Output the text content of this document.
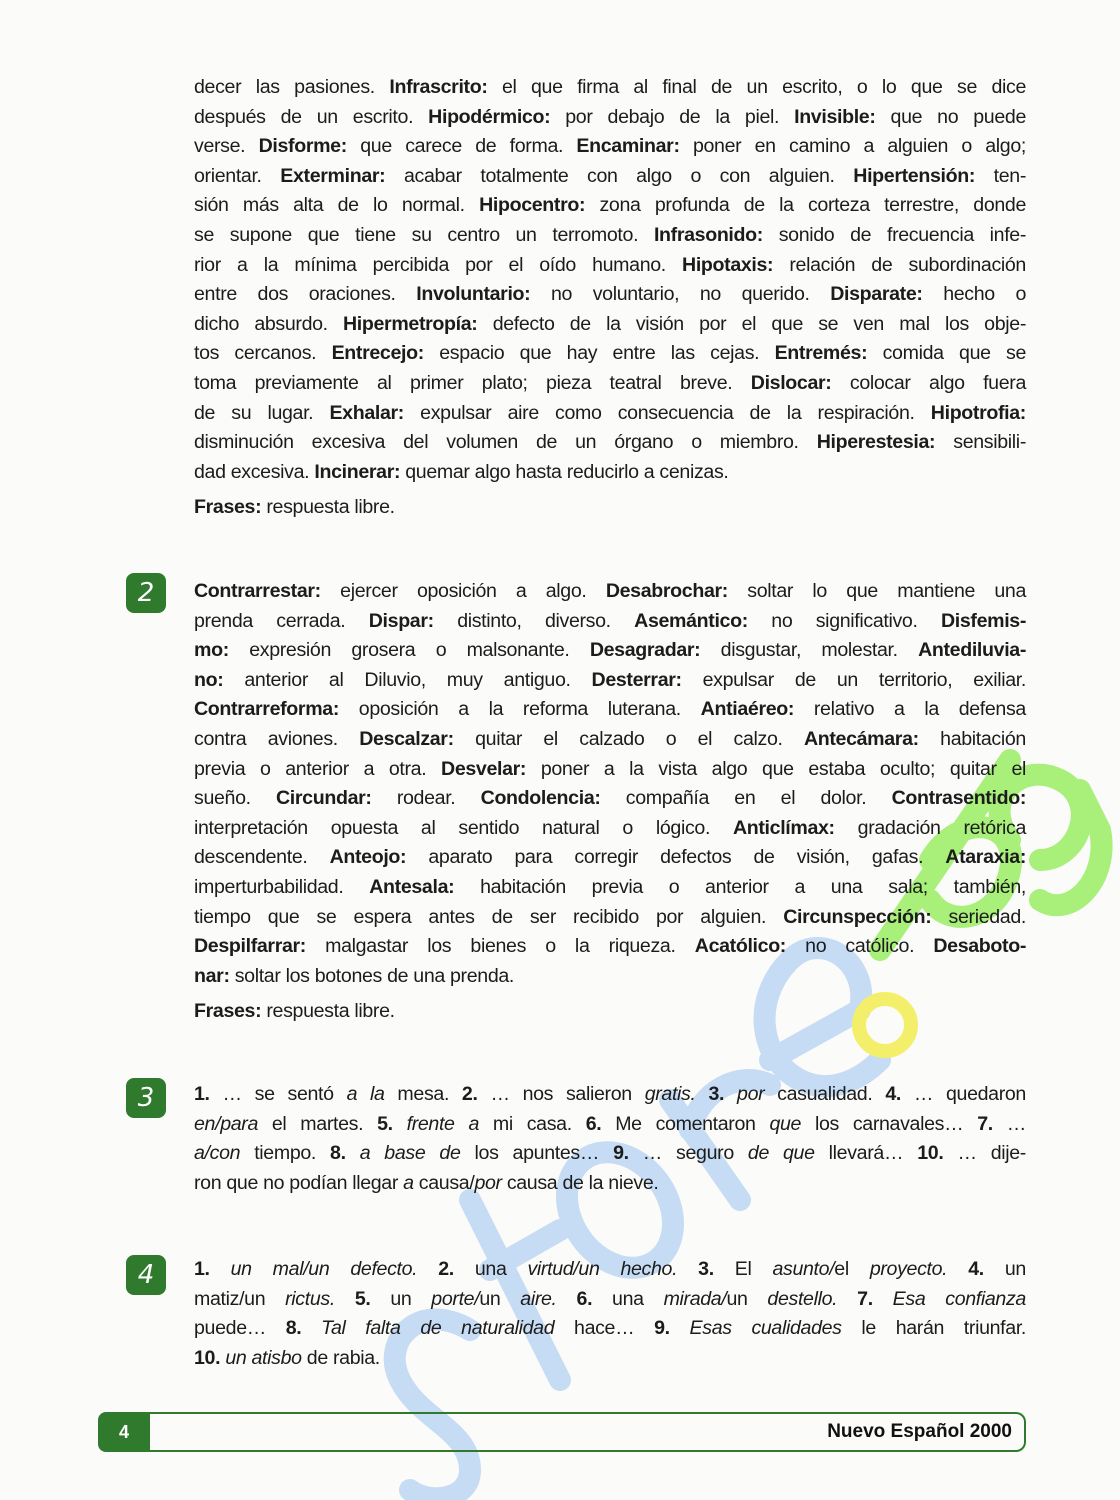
decer las pasiones. Infrascrito: el que firma al final de un escrito, o lo que se dice
después de un escrito. Hipodérmico: por debajo de la piel. Invisible: que no puede
verse. Disforme: que carece de forma. Encaminar: poner en camino a alguien o algo;
orientar. Exterminar: acabar totalmente con algo o con alguien. Hipertensión: ten-
sión más alta de lo normal. Hipocentro: zona profunda de la corteza terrestre, donde
se supone que tiene su centro un terromoto. Infrasonido: sonido de frecuencia infe-
rior a la mínima percibida por el oído humano. Hipotaxis: relación de subordinación
entre dos oraciones. Involuntario: no voluntario, no querido. Disparate: hecho o
dicho absurdo. Hipermetropía: defecto de la visión por el que se ven mal los obje-
tos cercanos. Entrecejo: espacio que hay entre las cejas. Entremés: comida que se
toma previamente al primer plato; pieza teatral breve. Dislocar: colocar algo fuera
de su lugar. Exhalar: expulsar aire como consecuencia de la respiración. Hipotrofia:
disminución excesiva del volumen de un órgano o miembro. Hiperestesia: sensibili-
dad excesiva. Incinerar: quemar algo hasta reducirlo a cenizas.
Frases: respuesta libre.
2	Contrarrestar: ejercer oposición a algo. Desabrochar: soltar lo que mantiene una
prenda cerrada. Dispar: distinto, diverso. Asemántico: no significativo. Disfemis-
mo: expresión grosera o malsonante. Desagradar: disgustar, molestar. Antediluvia-
no: anterior al Diluvio, muy antiguo. Desterrar: expulsar de un territorio, exiliar.
Contrarreforma: oposición a la reforma luterana. Antiaéreo: relativo a la defensa
contra aviones. Descalzar: quitar el calzado o el calzo. Antecámara: habitación
previa o anterior a otra. Desvelar: poner a la vista algo que estaba oculto; quitar el
sueño. Circundar: rodear. Condolencia: compañía en el dolor. Contrasentido:
interpretación opuesta al sentido natural o lógico. Anticlímax: gradación retórica
descendente. Anteojo: aparato para corregir defectos de visión, gafas. Ataraxia:
imperturbabilidad. Antesala: habitación previa o anterior a una sala; también,
tiempo que se espera antes de ser recibido por alguien. Circunspección: seriedad.
Despilfarrar: malgastar los bienes o la riqueza. Acatólico: no católico. Desaboto-
nar: soltar los botones de una prenda.
Frases: respuesta libre.
3	1. … se sentó a la mesa. 2. … nos salieron gratis. 3. por casualidad. 4. … quedaron
en/para el martes. 5. frente a mi casa. 6. Me comentaron que los carnavales… 7. …
a/con tiempo. 8. a base de los apuntes… 9. … seguro de que llevará… 10. … dije-
ron que no podían llegar a causa/por causa de la nieve.
4	1. un mal/un defecto. 2. una virtud/un hecho. 3. El asunto/el proyecto. 4. un
matiz/un rictus. 5. un porte/un aire. 6. una mirada/un destello. 7. Esa confianza
puede… 8. Tal falta de naturalidad hace… 9. Esas cualidades le harán triunfar.
10. un atisbo de rabia.
4	Nuevo Español 2000
